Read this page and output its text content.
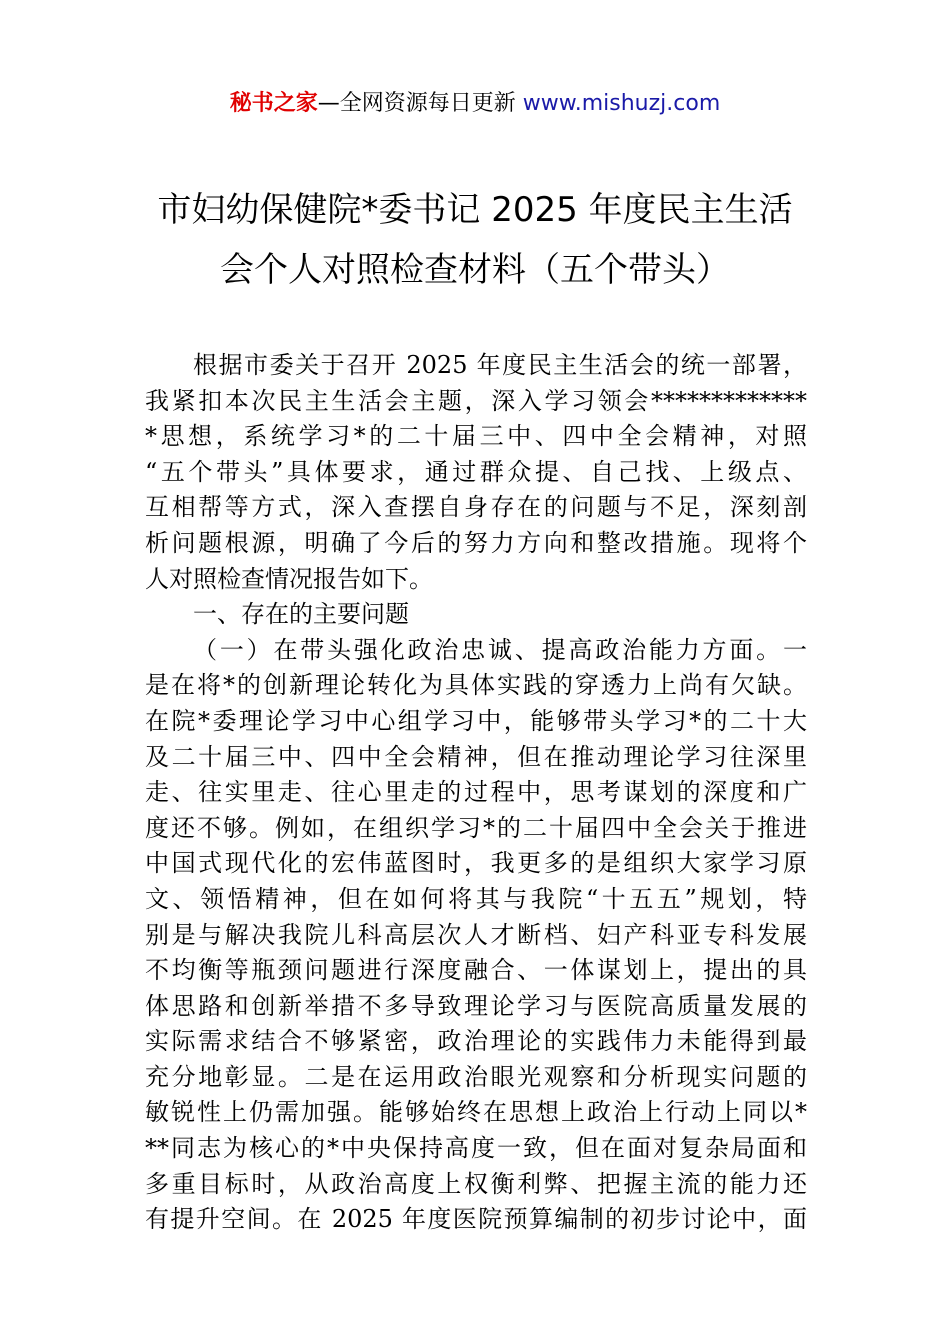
秘书之家—全网资源每日更新 www.mishuzj.com
市妇幼保健院*委书记 2025 年度民主生活
会个人对照检查材料（五个带头）
根据市委关于召开 2025 年度民主生活会的统一部署，
我紧扣本次民主生活会主题，深入学习领会*************
*思想，系统学习*的二十届三中、四中全会精神，对照
“五个带头”具体要求，通过群众提、自己找、上级点、
互相帮等方式，深入查摆自身存在的问题与不足，深刻剖
析问题根源，明确了今后的努力方向和整改措施。现将个
人对照检查情况报告如下。
一、存在的主要问题
（一）在带头强化政治忠诚、提高政治能力方面。一
是在将*的创新理论转化为具体实践的穿透力上尚有欠缺。
在院*委理论学习中心组学习中，能够带头学习*的二十大
及二十届三中、四中全会精神，但在推动理论学习往深里
走、往实里走、往心里走的过程中，思考谋划的深度和广
度还不够。例如，在组织学习*的二十届四中全会关于推进
中国式现代化的宏伟蓝图时，我更多的是组织大家学习原
文、领悟精神，但在如何将其与我院“十五五”规划，特
别是与解决我院儿科高层次人才断档、妇产科亚专科发展
不均衡等瓶颈问题进行深度融合、一体谋划上，提出的具
体思路和创新举措不多导致理论学习与医院高质量发展的
实际需求结合不够紧密，政治理论的实践伟力未能得到最
充分地彰显。二是在运用政治眼光观察和分析现实问题的
敏锐性上仍需加强。能够始终在思想上政治上行动上同以*
**同志为核心的*中央保持高度一致，但在面对复杂局面和
多重目标时，从政治高度上权衡利弊、把握主流的能力还
有提升空间。在 2025 年度医院预算编制的初步讨论中，面
